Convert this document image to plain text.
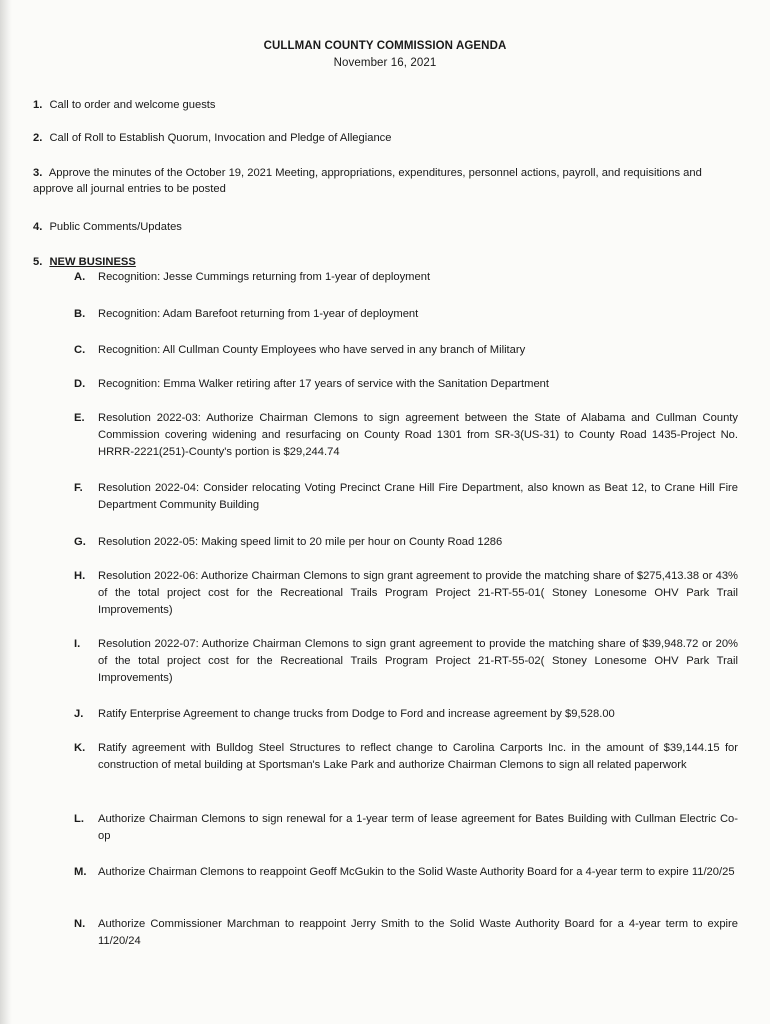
CULLMAN COUNTY COMMISSION AGENDA
November 16, 2021
1. Call to order and welcome guests
2. Call of Roll to Establish Quorum, Invocation and Pledge of Allegiance
3. Approve the minutes of the October 19, 2021 Meeting, appropriations, expenditures, personnel actions, payroll, and requisitions and approve all journal entries to be posted
4. Public Comments/Updates
5. NEW BUSINESS
A.	Recognition: Jesse Cummings returning from 1-year of deployment
B.	Recognition: Adam Barefoot returning from 1-year of deployment
C.	Recognition: All Cullman County Employees who have served in any branch of Military
D.	Recognition: Emma Walker retiring after 17 years of service with the Sanitation Department
E.	Resolution 2022-03: Authorize Chairman Clemons to sign agreement between the State of Alabama and Cullman County Commission covering widening and resurfacing on County Road 1301 from SR-3(US-31) to County Road 1435-Project No. HRRR-2221(251)-County's portion is $29,244.74
F.	Resolution 2022-04: Consider relocating Voting Precinct Crane Hill Fire Department, also known as Beat 12, to Crane Hill Fire Department Community Building
G.	Resolution 2022-05: Making speed limit to 20 mile per hour on County Road 1286
H.	Resolution 2022-06: Authorize Chairman Clemons to sign grant agreement to provide the matching share of $275,413.38 or 43% of the total project cost for the Recreational Trails Program Project 21-RT-55-01( Stoney Lonesome OHV Park Trail Improvements)
I.	Resolution 2022-07: Authorize Chairman Clemons to sign grant agreement to provide the matching share of $39,948.72 or 20% of the total project cost for the Recreational Trails Program Project 21-RT-55-02( Stoney Lonesome OHV Park Trail Improvements)
J.	Ratify Enterprise Agreement to change trucks from Dodge to Ford and increase agreement by $9,528.00
K.	Ratify agreement with Bulldog Steel Structures to reflect change to Carolina Carports Inc. in the amount of $39,144.15 for construction of metal building at Sportsman's Lake Park and authorize Chairman Clemons to sign all related paperwork
L.	Authorize Chairman Clemons to sign renewal for a 1-year term of lease agreement for Bates Building with Cullman Electric Co-op
M.	Authorize Chairman Clemons to reappoint Geoff McGukin to the Solid Waste Authority Board for a 4-year term to expire 11/20/25
N.	Authorize Commissioner Marchman to reappoint Jerry Smith to the Solid Waste Authority Board for a 4-year term to expire 11/20/24
